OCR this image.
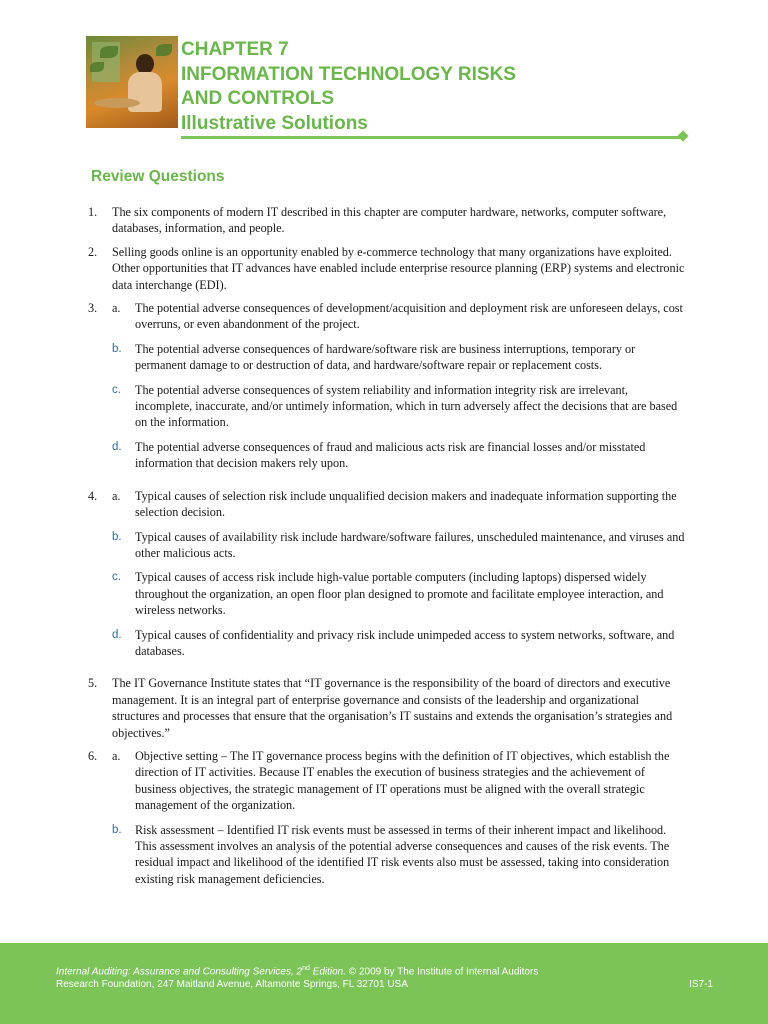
CHAPTER 7
INFORMATION TECHNOLOGY RISKS
AND CONTROLS
Illustrative Solutions
Review Questions
1.	The six components of modern IT described in this chapter are computer hardware, networks, computer software, databases, information, and people.
2.	Selling goods online is an opportunity enabled by e-commerce technology that many organizations have exploited. Other opportunities that IT advances have enabled include enterprise resource planning (ERP) systems and electronic data interchange (EDI).
3.	a.	The potential adverse consequences of development/acquisition and deployment risk are unforeseen delays, cost overruns, or even abandonment of the project.
b.	The potential adverse consequences of hardware/software risk are business interruptions, temporary or permanent damage to or destruction of data, and hardware/software repair or replacement costs.
c.	The potential adverse consequences of system reliability and information integrity risk are irrelevant, incomplete, inaccurate, and/or untimely information, which in turn adversely affect the decisions that are based on the information.
d.	The potential adverse consequences of fraud and malicious acts risk are financial losses and/or misstated information that decision makers rely upon.
4.	a.	Typical causes of selection risk include unqualified decision makers and inadequate information supporting the selection decision.
b.	Typical causes of availability risk include hardware/software failures, unscheduled maintenance, and viruses and other malicious acts.
c.	Typical causes of access risk include high-value portable computers (including laptops) dispersed widely throughout the organization, an open floor plan designed to promote and facilitate employee interaction, and wireless networks.
d.	Typical causes of confidentiality and privacy risk include unimpeded access to system networks, software, and databases.
5.	The IT Governance Institute states that “IT governance is the responsibility of the board of directors and executive management. It is an integral part of enterprise governance and consists of the leadership and organizational structures and processes that ensure that the organisation’s IT sustains and extends the organisation’s strategies and objectives.”
6.	a.	Objective setting – The IT governance process begins with the definition of IT objectives, which establish the direction of IT activities. Because IT enables the execution of business strategies and the achievement of business objectives, the strategic management of IT operations must be aligned with the overall strategic management of the organization.
b.	Risk assessment – Identified IT risk events must be assessed in terms of their inherent impact and likelihood. This assessment involves an analysis of the potential adverse consequences and causes of the risk events. The residual impact and likelihood of the identified IT risk events also must be assessed, taking into consideration existing risk management deficiencies.
Internal Auditing: Assurance and Consulting Services, 2nd Edition. © 2009 by The Institute of Internal Auditors
Research Foundation, 247 Maitland Avenue, Altamonte Springs, FL 32701 USA	IS7-1
